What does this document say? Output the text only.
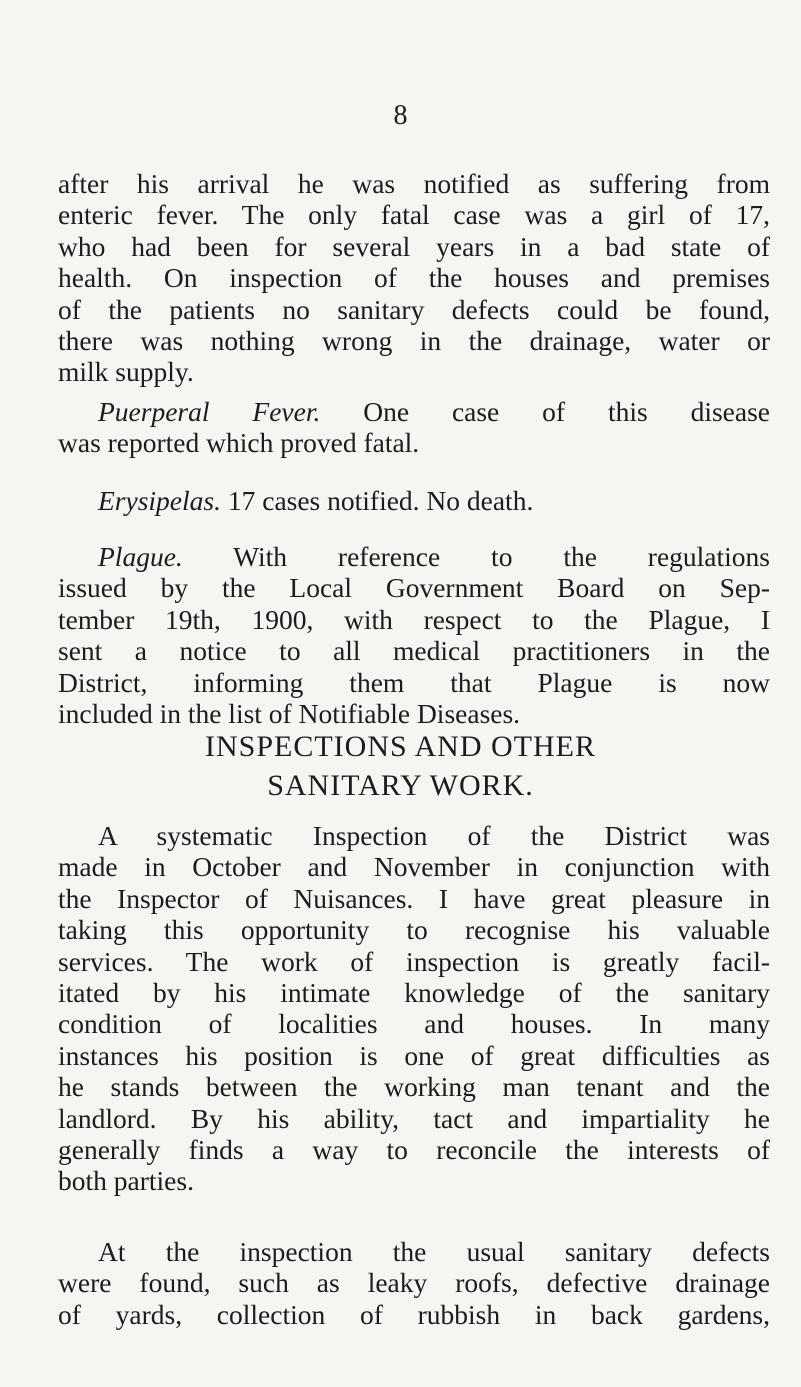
8
after his arrival he was notified as suffering from
enteric fever. The only fatal case was a girl of 17,
who had been for several years in a bad state of
health. On inspection of the houses and premises
of the patients no sanitary defects could be found,
there was nothing wrong in the drainage, water or
milk supply.
Puerperal Fever. One case of this disease
was reported which proved fatal.
Erysipelas. 17 cases notified. No death.
Plague. With reference to the regulations
issued by the Local Government Board on Sep-
tember 19th, 1900, with respect to the Plague, I
sent a notice to all medical practitioners in the
District, informing them that Plague is now
included in the list of Notifiable Diseases.
INSPECTIONS AND OTHER
SANITARY WORK.
A systematic Inspection of the District was
made in October and November in conjunction with
the Inspector of Nuisances. I have great pleasure in
taking this opportunity to recognise his valuable
services. The work of inspection is greatly facil-
itated by his intimate knowledge of the sanitary
condition of localities and houses. In many
instances his position is one of great difficulties as
he stands between the working man tenant and the
landlord. By his ability, tact and impartiality he
generally finds a way to reconcile the interests of
both parties.
At the inspection the usual sanitary defects
were found, such as leaky roofs, defective drainage
of yards, collection of rubbish in back gardens,
